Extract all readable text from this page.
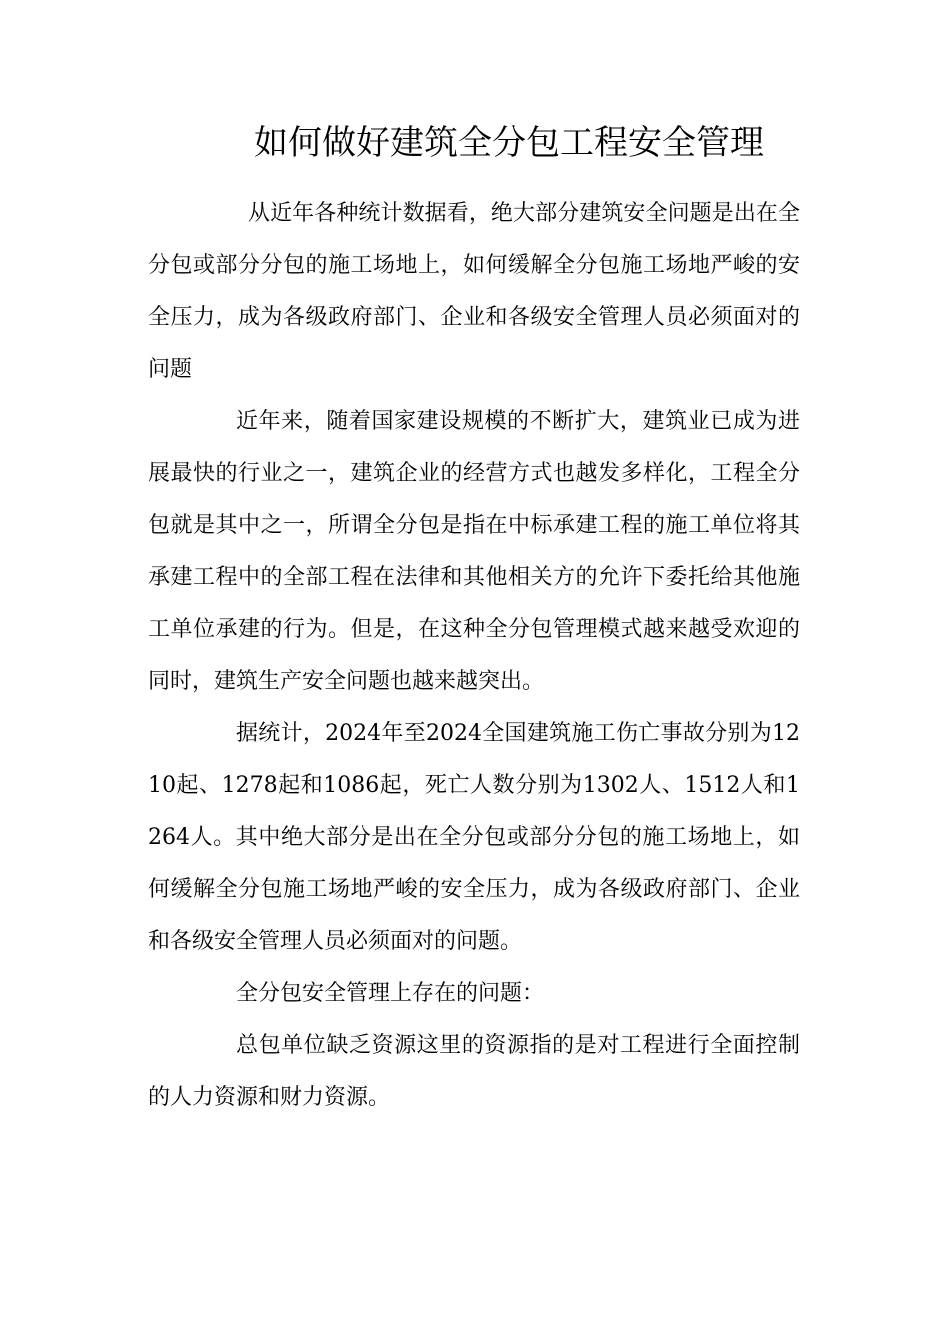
如何做好建筑全分包工程安全管理

从近年各种统计数据看，绝大部分建筑安全问题是出在全分包或部分分包的施工场地上，如何缓解全分包施工场地严峻的安全压力，成为各级政府部门、企业和各级安全管理人员必须面对的问题

近年来，随着国家建设规模的不断扩大，建筑业已成为进展最快的行业之一，建筑企业的经营方式也越发多样化，工程全分包就是其中之一，所谓全分包是指在中标承建工程的施工单位将其承建工程中的全部工程在法律和其他相关方的允许下委托给其他施工单位承建的行为。但是，在这种全分包管理模式越来越受欢迎的同时，建筑生产安全问题也越来越突出。

据统计，2024年至2024全国建筑施工伤亡事故分别为1210起、1278起和1086起，死亡人数分别为1302人、1512人和1264人。其中绝大部分是出在全分包或部分分包的施工场地上，如何缓解全分包施工场地严峻的安全压力，成为各级政府部门、企业和各级安全管理人员必须面对的问题。

全分包安全管理上存在的问题：

总包单位缺乏资源这里的资源指的是对工程进行全面控制的人力资源和财力资源。
